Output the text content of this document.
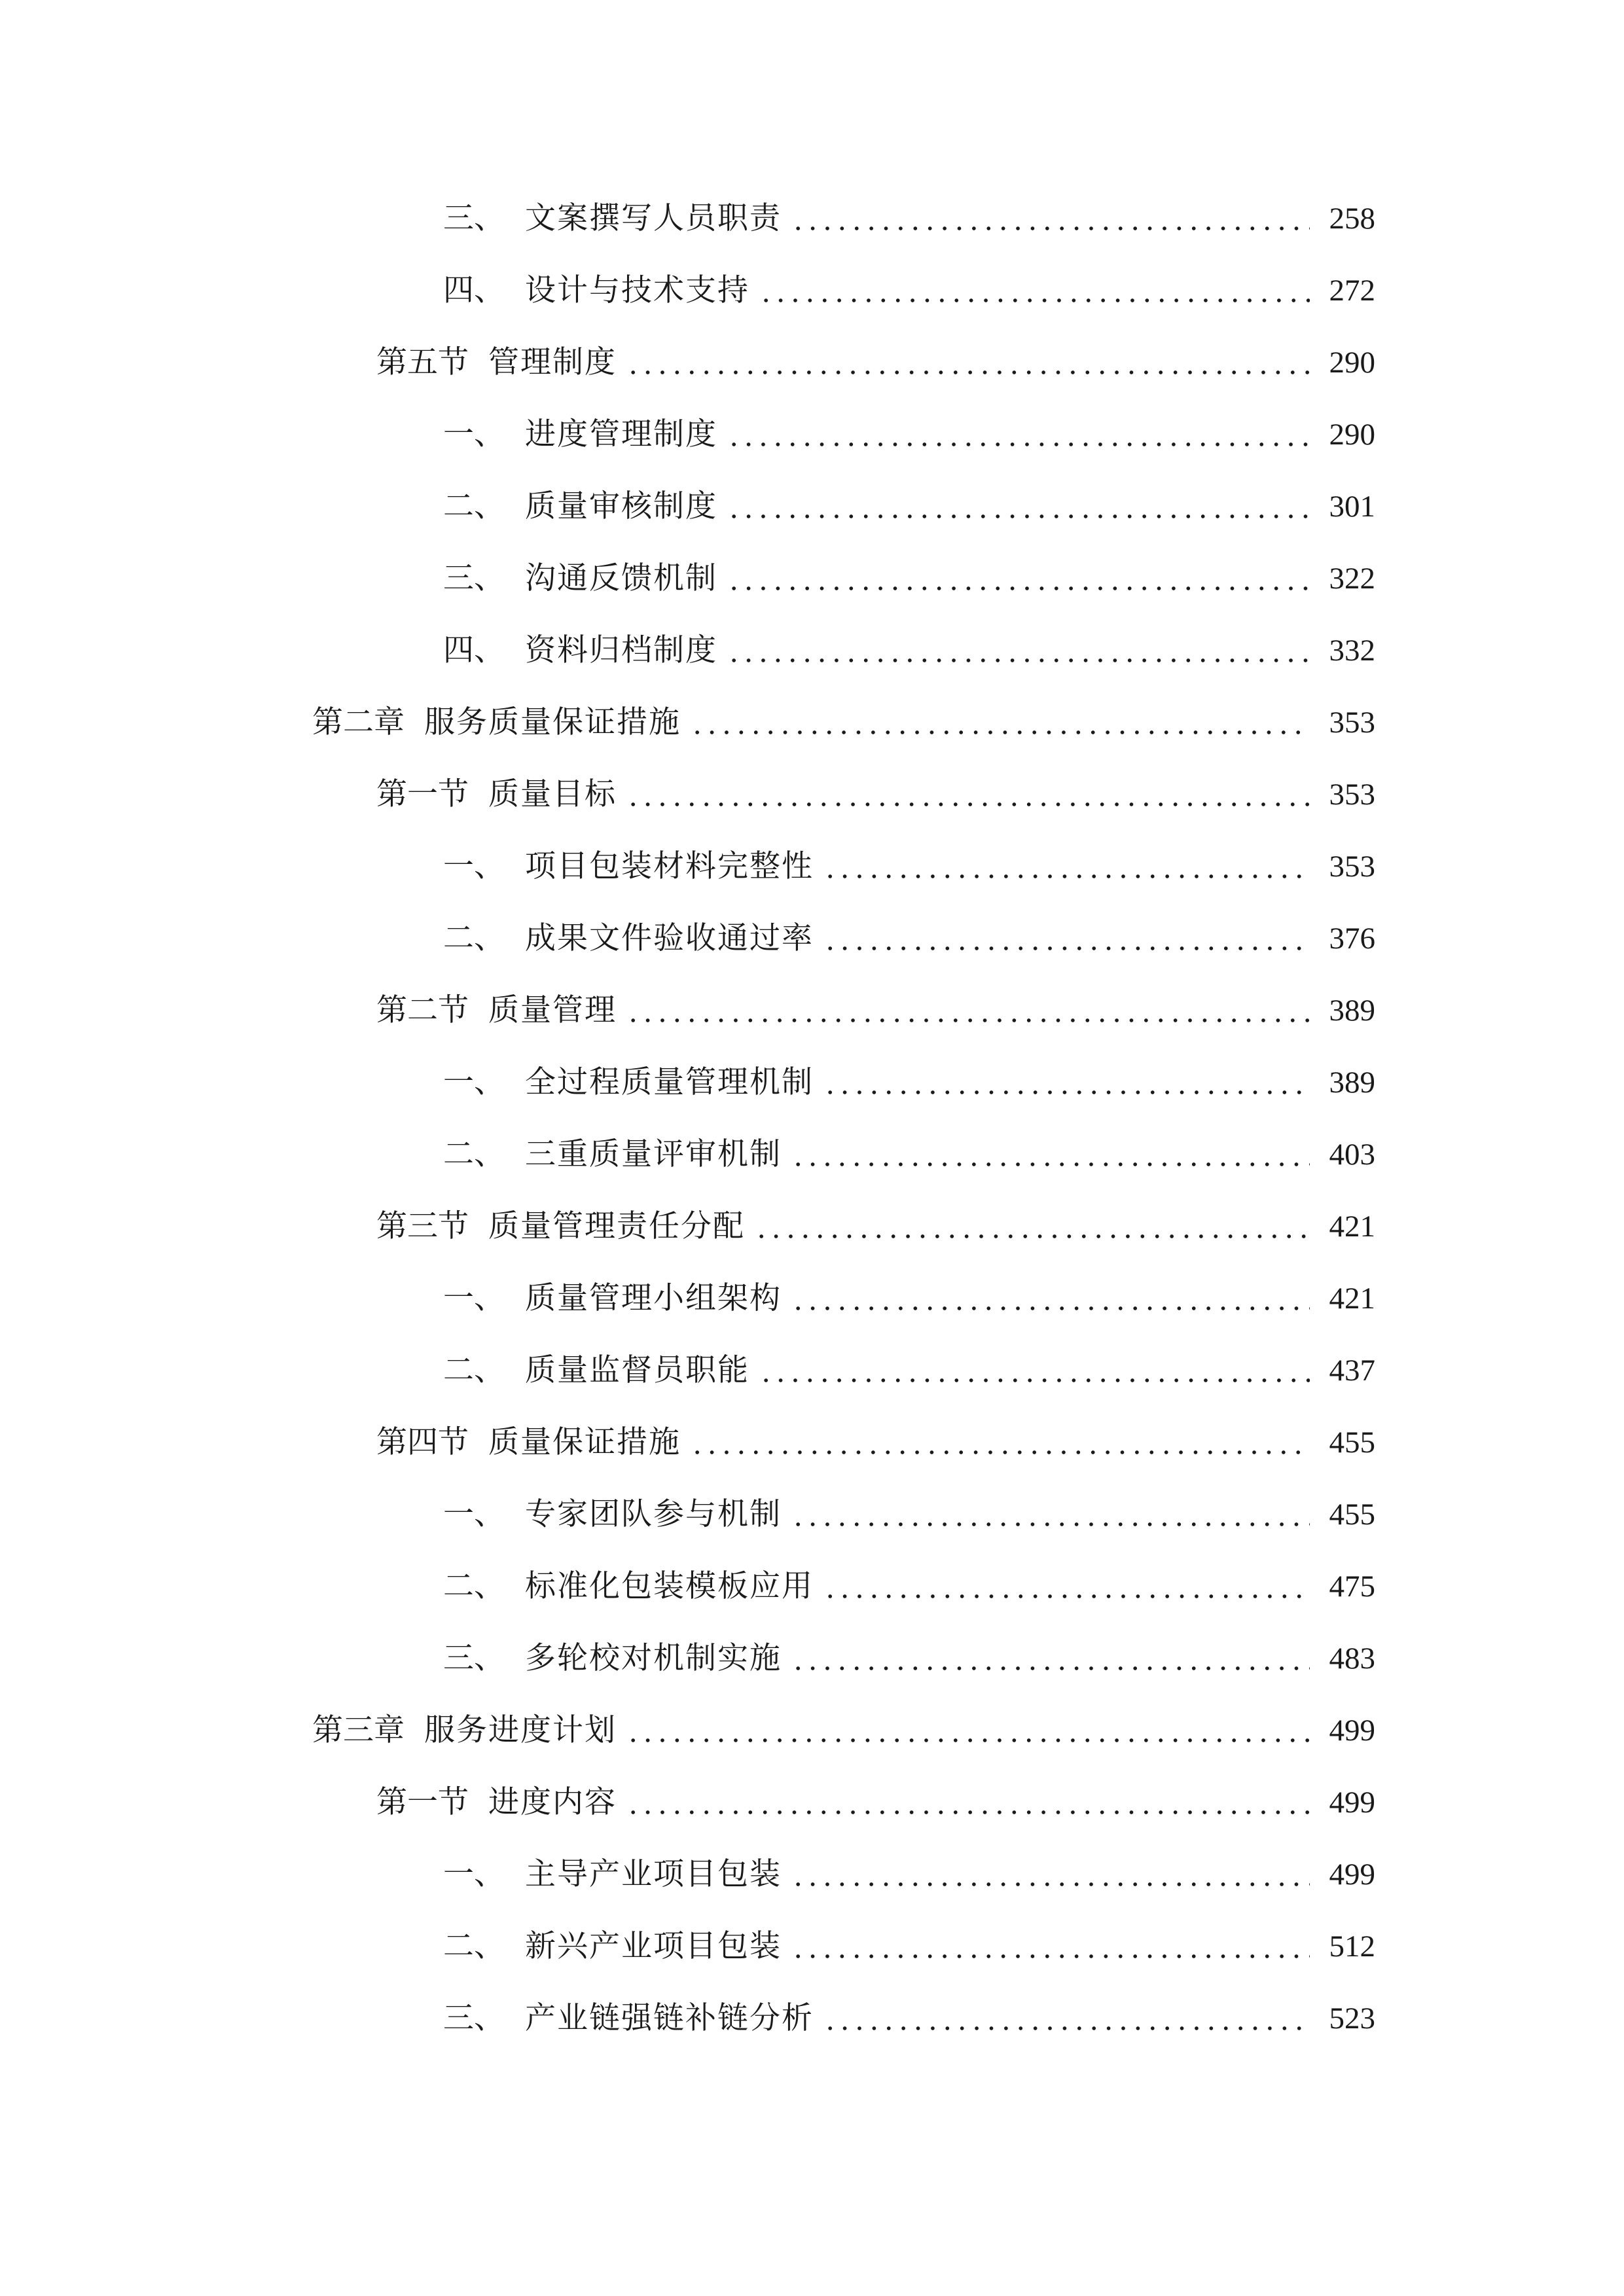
三、 文案撰写人员职责	258
四、 设计与技术支持	272
第五节 管理制度	290
一、 进度管理制度	290
二、 质量审核制度	301
三、 沟通反馈机制	322
四、 资料归档制度	332
第二章 服务质量保证措施	353
第一节 质量目标	353
一、 项目包装材料完整性	353
二、 成果文件验收通过率	376
第二节 质量管理	389
一、 全过程质量管理机制	389
二、 三重质量评审机制	403
第三节 质量管理责任分配	421
一、 质量管理小组架构	421
二、 质量监督员职能	437
第四节 质量保证措施	455
一、 专家团队参与机制	455
二、 标准化包装模板应用	475
三、 多轮校对机制实施	483
第三章 服务进度计划	499
第一节 进度内容	499
一、 主导产业项目包装	499
二、 新兴产业项目包装	512
三、 产业链强链补链分析	523
